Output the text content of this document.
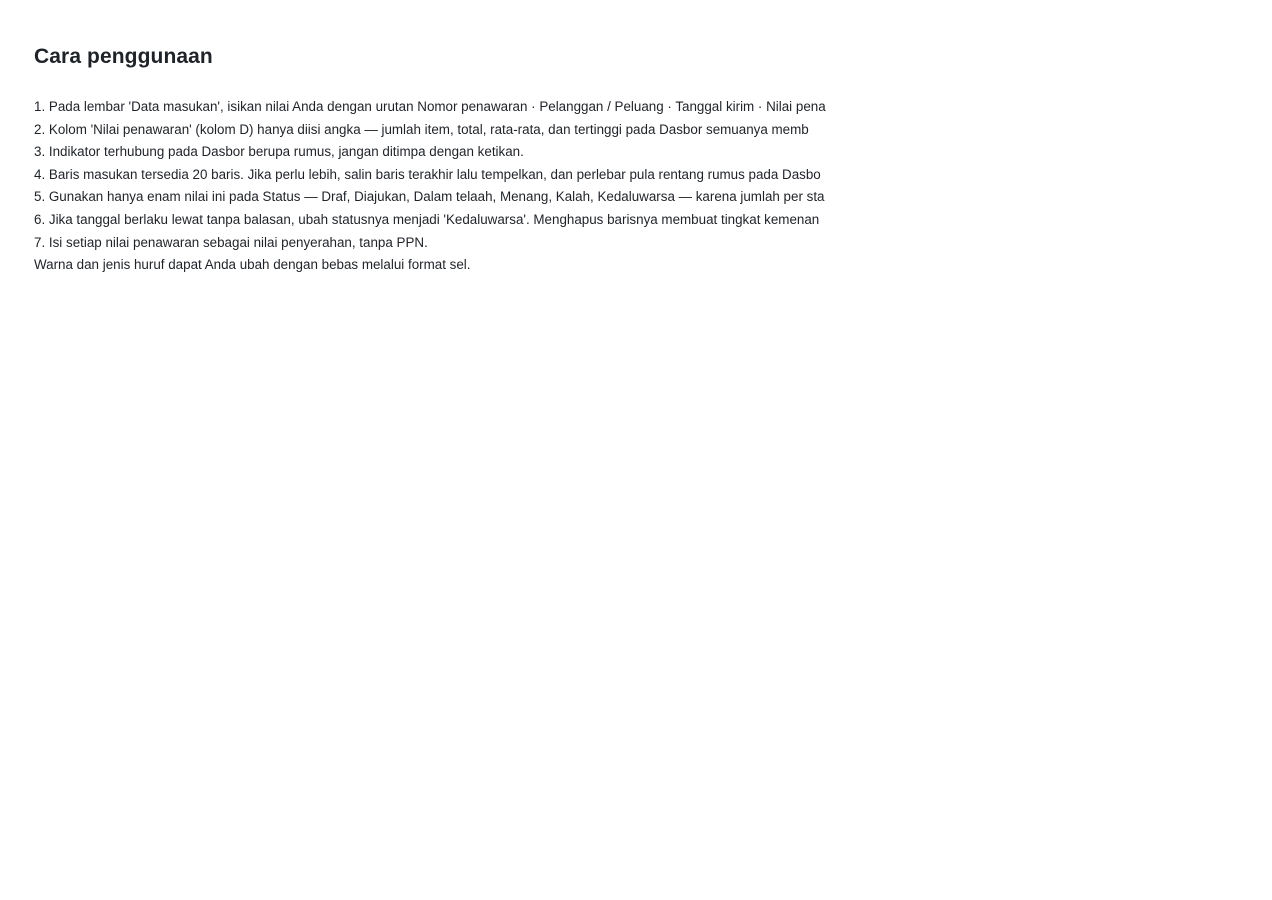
Cara penggunaan
1. Pada lembar 'Data masukan', isikan nilai Anda dengan urutan Nomor penawaran · Pelanggan / Peluang · Tanggal kirim · Nilai pena
2. Kolom 'Nilai penawaran' (kolom D) hanya diisi angka — jumlah item, total, rata-rata, dan tertinggi pada Dasbor semuanya memb
3. Indikator terhubung pada Dasbor berupa rumus, jangan ditimpa dengan ketikan.
4. Baris masukan tersedia 20 baris. Jika perlu lebih, salin baris terakhir lalu tempelkan, dan perlebar pula rentang rumus pada Dasbo
5. Gunakan hanya enam nilai ini pada Status — Draf, Diajukan, Dalam telaah, Menang, Kalah, Kedaluwarsa — karena jumlah per sta
6. Jika tanggal berlaku lewat tanpa balasan, ubah statusnya menjadi 'Kedaluwarsa'. Menghapus barisnya membuat tingkat kemenan
7. Isi setiap nilai penawaran sebagai nilai penyerahan, tanpa PPN.
Warna dan jenis huruf dapat Anda ubah dengan bebas melalui format sel.
